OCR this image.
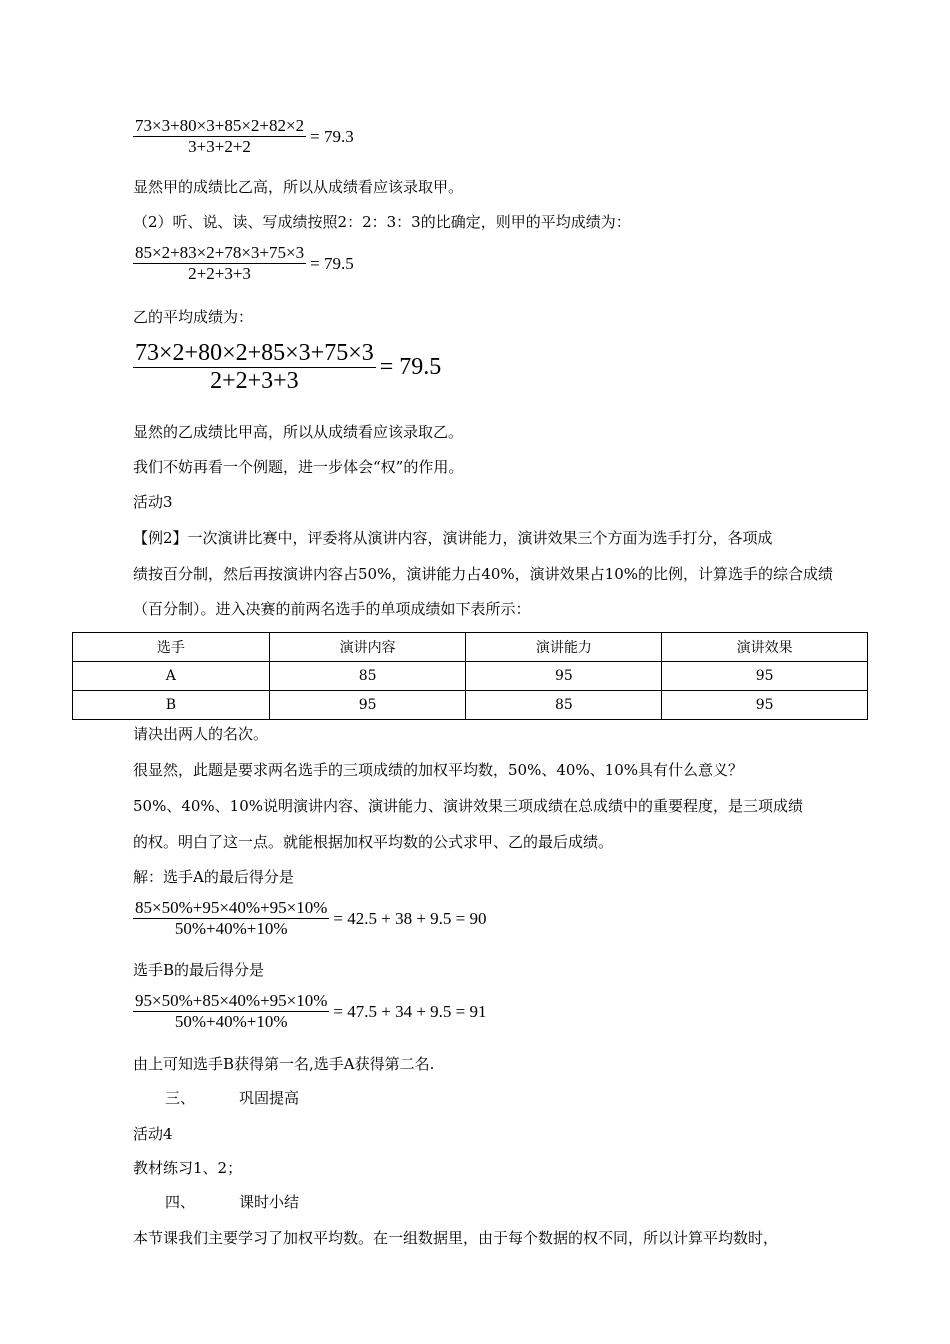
$\frac{73\times 3+80\times 3+85\times 2+82\times 2}{3+3+2+2} = 79.3$
显然甲的成绩比乙高，所以从成绩看应该录取甲。
（2）听、说、读、写成绩按照2：2：3：3的比确定，则甲的平均成绩为：
$\frac{85\times 2+83\times 2+78\times 3+75\times 3}{2+2+3+3} = 79.5$
乙的平均成绩为：
$\frac{73\times 2+80\times 2+85\times 3+75\times 3}{2+2+3+3} = 79.5$
显然的乙成绩比甲高，所以从成绩看应该录取乙。
我们不妨再看一个例题，进一步体会“权”的作用。
活动3
【例2】一次演讲比赛中，评委将从演讲内容，演讲能力，演讲效果三个方面为选手打分，各项成
绩按百分制，然后再按演讲内容占50%，演讲能力占40%，演讲效果占10%的比例，计算选手的综合成绩
（百分制）。进入决赛的前两名选手的单项成绩如下表所示：
选手	演讲内容	演讲能力	演讲效果
A	85	95	95
B	95	85	95
请决出两人的名次。
很显然，此题是要求两名选手的三项成绩的加权平均数，50%、40%、10%具有什么意义？
50%、40%、10%说明演讲内容、演讲能力、演讲效果三项成绩在总成绩中的重要程度，是三项成绩
的权。明白了这一点。就能根据加权平均数的公式求甲、乙的最后成绩。
解：选手A的最后得分是
$\frac{85\times 50\%+95\times 40\%+95\times 10\%}{50\%+40\%+10\%} = 42.5 + 38 + 9.5 = 90$
选手B的最后得分是
$\frac{95\times 50\%+85\times 40\%+95\times 10\%}{50\%+40\%+10\%} = 47.5 + 34 + 9.5 = 91$
由上可知选手B获得第一名,选手A获得第二名.
三、	巩固提高
活动4
教材练习1、2；
四、	课时小结
本节课我们主要学习了加权平均数。在一组数据里，由于每个数据的权不同，所以计算平均数时，
